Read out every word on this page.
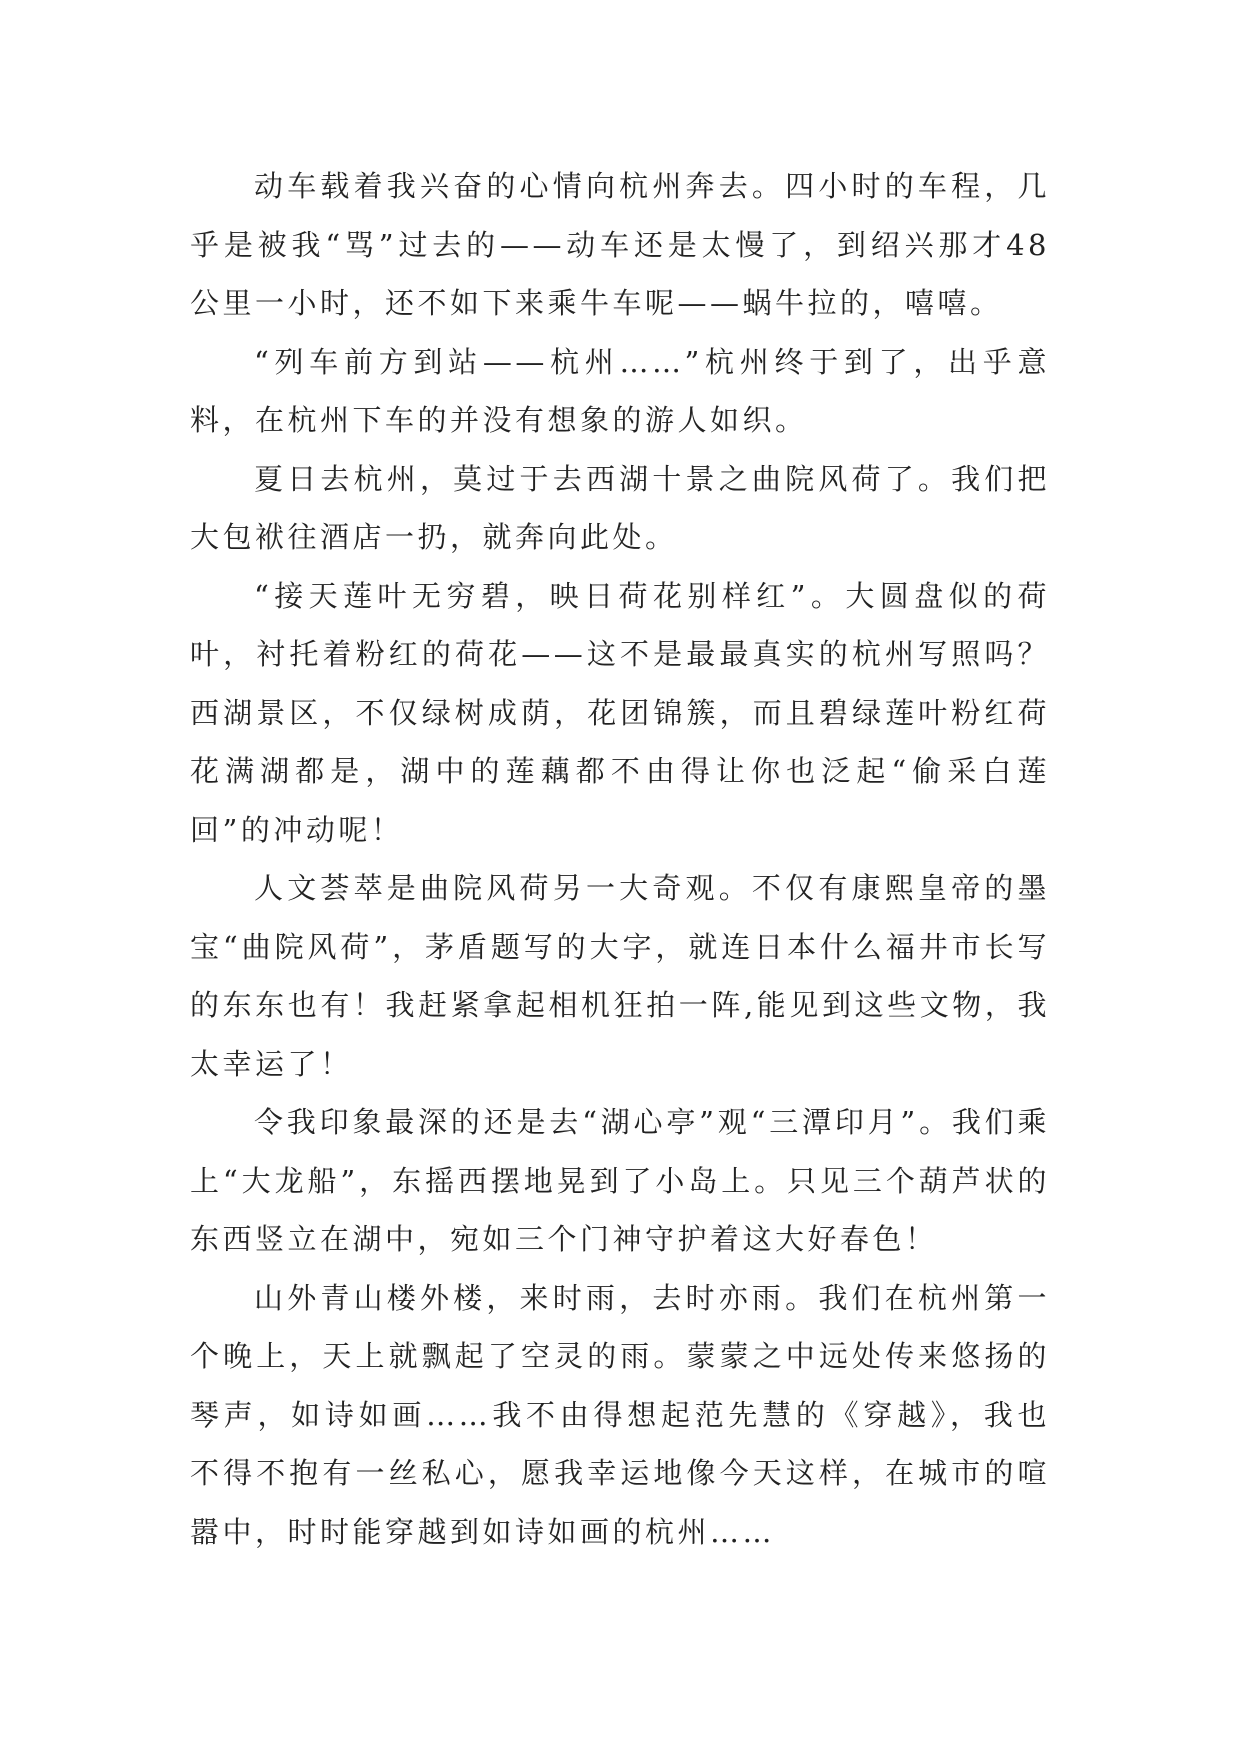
动车载着我兴奋的心情向杭州奔去。四小时的车程，几乎是被我“骂”过去的——动车还是太慢了，到绍兴那才48公里一小时，还不如下来乘牛车呢——蜗牛拉的，嘻嘻。

“列车前方到站——杭州……”杭州终于到了，出乎意料，在杭州下车的并没有想象的游人如织。

夏日去杭州，莫过于去西湖十景之曲院风荷了。我们把大包袱往酒店一扔，就奔向此处。

“接天莲叶无穷碧，映日荷花别样红”。大圆盘似的荷叶，衬托着粉红的荷花——这不是最最真实的杭州写照吗？西湖景区，不仅绿树成荫，花团锦簇，而且碧绿莲叶粉红荷花满湖都是，湖中的莲藕都不由得让你也泛起“偷采白莲回”的冲动呢！

人文荟萃是曲院风荷另一大奇观。不仅有康熙皇帝的墨宝“曲院风荷”，茅盾题写的大字，就连日本什么福井市长写的东东也有！我赶紧拿起相机狂拍一阵,能见到这些文物，我太幸运了！

令我印象最深的还是去“湖心亭”观“三潭印月”。我们乘上“大龙船”，东摇西摆地晃到了小岛上。只见三个葫芦状的东西竖立在湖中，宛如三个门神守护着这大好春色！

山外青山楼外楼，来时雨，去时亦雨。我们在杭州第一个晚上，天上就飘起了空灵的雨。蒙蒙之中远处传来悠扬的琴声，如诗如画……我不由得想起范先慧的《穿越》，我也不得不抱有一丝私心，愿我幸运地像今天这样，在城市的喧嚣中，时时能穿越到如诗如画的杭州……
